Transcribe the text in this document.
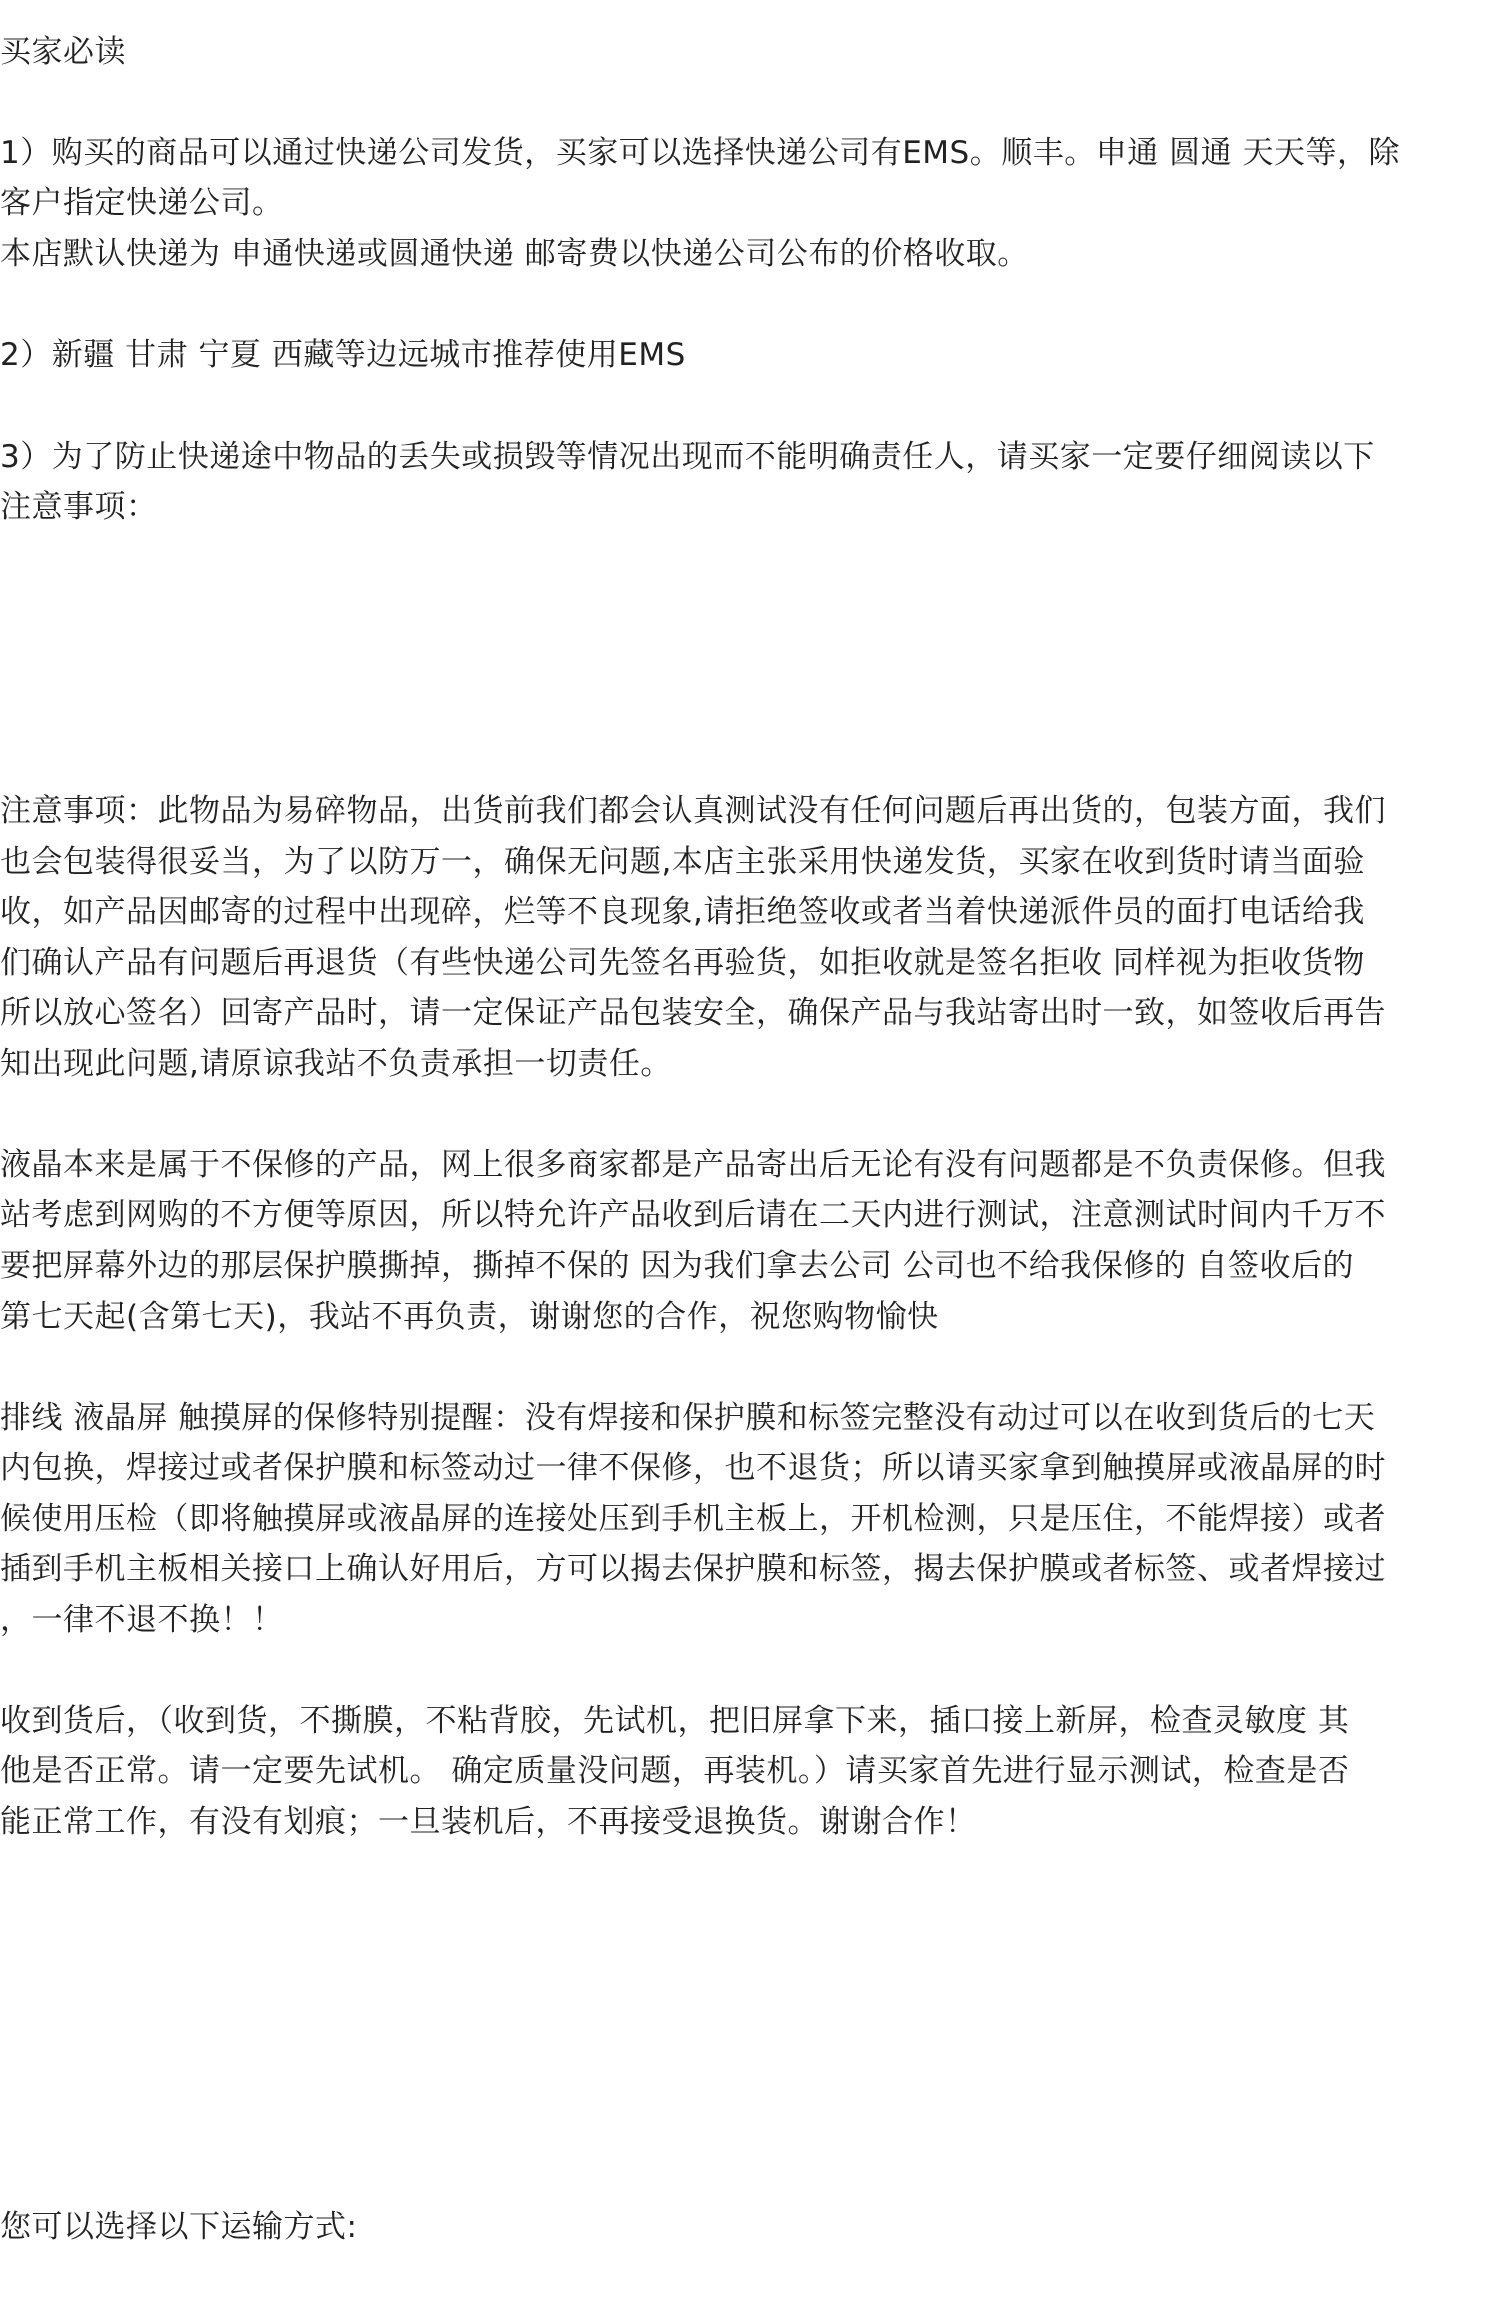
买家必读
1）购买的商品可以通过快递公司发货，买家可以选择快递公司有EMS。顺丰。申通 圆通 天天等，除
客户指定快递公司。
本店默认快递为 申通快递或圆通快递 邮寄费以快递公司公布的价格收取。
2）新疆 甘肃 宁夏 西藏等边远城市推荐使用EMS
3）为了防止快递途中物品的丢失或损毁等情况出现而不能明确责任人，请买家一定要仔细阅读以下
注意事项：
注意事项：此物品为易碎物品，出货前我们都会认真测试没有任何问题后再出货的，包装方面，我们
也会包装得很妥当，为了以防万一，确保无问题,本店主张采用快递发货，买家在收到货时请当面验
收，如产品因邮寄的过程中出现碎，烂等不良现象,请拒绝签收或者当着快递派件员的面打电话给我
们确认产品有问题后再退货（有些快递公司先签名再验货，如拒收就是签名拒收 同样视为拒收货物
所以放心签名）回寄产品时，请一定保证产品包装安全，确保产品与我站寄出时一致，如签收后再告
知出现此问题,请原谅我站不负责承担一切责任。
液晶本来是属于不保修的产品，网上很多商家都是产品寄出后无论有没有问题都是不负责保修。但我
站考虑到网购的不方便等原因，所以特允许产品收到后请在二天内进行测试，注意测试时间内千万不
要把屏幕外边的那层保护膜撕掉，撕掉不保的 因为我们拿去公司 公司也不给我保修的 自签收后的
第七天起(含第七天)，我站不再负责，谢谢您的合作，祝您购物愉快
排线 液晶屏 触摸屏的保修特别提醒：没有焊接和保护膜和标签完整没有动过可以在收到货后的七天
内包换，焊接过或者保护膜和标签动过一律不保修，也不退货；所以请买家拿到触摸屏或液晶屏的时
候使用压检（即将触摸屏或液晶屏的连接处压到手机主板上，开机检测，只是压住，不能焊接）或者
插到手机主板相关接口上确认好用后，方可以揭去保护膜和标签，揭去保护膜或者标签、或者焊接过
，一律不退不换！！
收到货后，（收到货，不撕膜，不粘背胶，先试机，把旧屏拿下来，插口接上新屏，检查灵敏度 其
他是否正常。请一定要先试机。 确定质量没问题，再装机。）请买家首先进行显示测试，检查是否
能正常工作，有没有划痕；一旦装机后，不再接受退换货。谢谢合作！
您可以选择以下运输方式:
